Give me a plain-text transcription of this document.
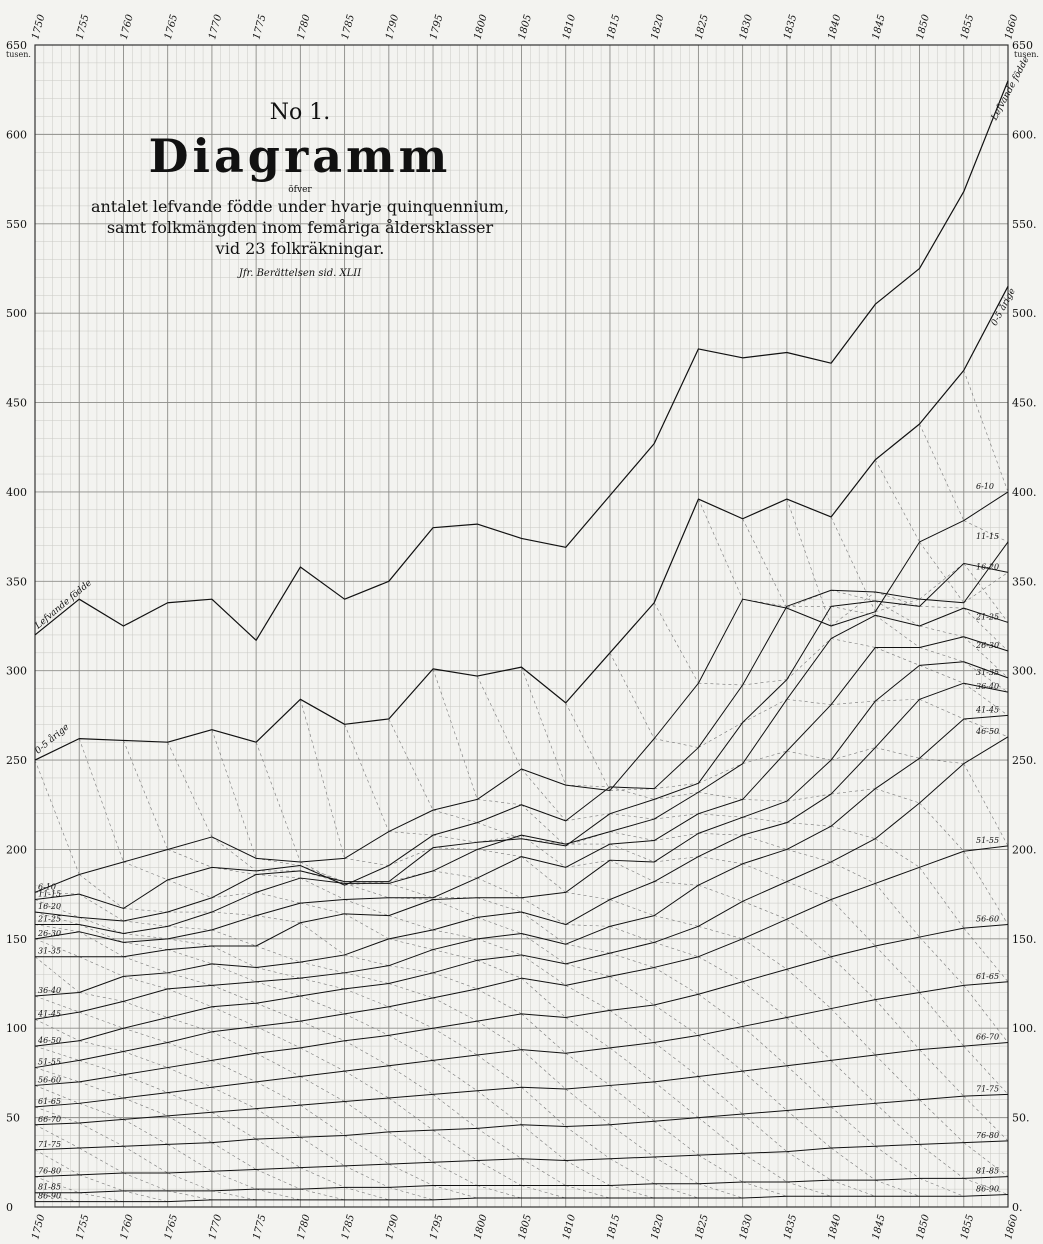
1750	1755	1760	1765	1770	1775	1780	1785	1790	1795	1800	1805	1810	1815	1820	1825	1830	1835	1840	1845	1850	1855	1860
1750	1755	1760	1765	1770	1775	1780	1785	1790	1795	1800	1805	1810	1815	1820	1825	1830	1835	1840	1845	1850	1855	1860
0
50
100
150
200
250
300
350
400
450
500
550
600
650
0.
50.
100.
150.
200.
250.
300.
350.
400.
450.
500.
550.
600.
650
Lefvande födde
Lefvande födde
0-5 årige
0-5 årige
6-10
6-10
11-15
11-15
16-20
16-20
21-25
21-25
26-30
26-30
31-35
31-35
36-40
36-40
41-45
41-45
46-50
46-50
51-55
51-55
56-60
56-60
61-65
61-65
66-70
66-70
71-75
71-75
76-80
76-80	81-85
81-85	86-90
86-90
tusen.	tusen.
No 1.
Diagramm
öfver
antalet lefvande födde under hvarje quinquennium,
samt folkmängden inom femåriga åldersklasser
vid 23 folkräkningar.
Jfr. Berättelsen sid. XLII
